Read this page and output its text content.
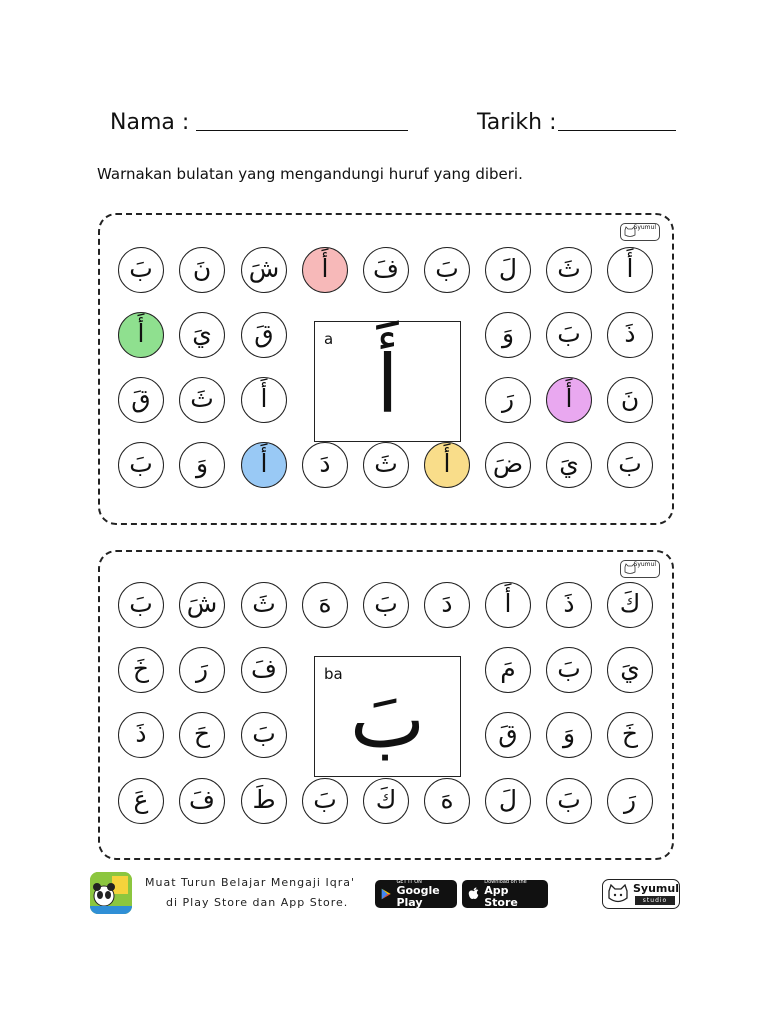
Nama :	Tarikh :
Warnakan bulatan yang mengandungi huruf yang diberi.
Syumul
a أَ
أَ
ثَ
لَ
بَ
فَ
أَ
شَ
نَ
بَ
ذَ
بَ
وَ
قَ
يَ
أَ
نَ
أَ
رَ
أَ
ثَ
قَ
بَ
يَ
ضَ
أَ
ثَ
دَ
أَ
وَ
بَ
Syumul
ba بَ
كَ
ذَ
أَ
دَ
بَ
هَ
ثَ
شَ
بَ
يَ
بَ
مَ
فَ
رَ
خَ
خَ
وَ
قَ
بَ
حَ
ذَ
رَ
بَ
لَ
هَ
كَ
بَ
طَ
فَ
عَ
Muat Turun Belajar Mengaji Iqra'
di Play Store dan App Store.
GET IT ON
Google Play
Download on the
App Store
Syumul
studio
